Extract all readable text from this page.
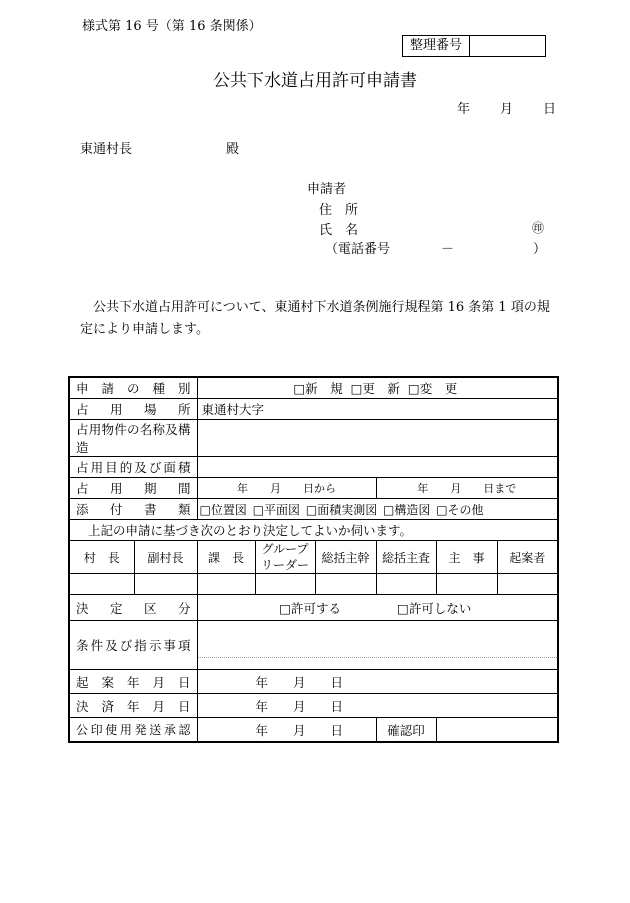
様式第 16 号（第 16 条関係）
整理番号
公共下水道占用許可申請書
年 月 日
東通村長	殿
申請者
住　所
氏　名	㊞
（電話番号	－	）
公共下水道占用許可について、東通村下水道条例施行規程第 16 条第 1 項の規定により申請します。
申請の種別		□新　規 □更　新 □変　更					
占用場所		東通村大字					
占用物件の名称及構造							
占用目的及び面積							
占用期間		年　　月　　日から			年　　月　　日まで		
添付書類		□位置図 □平面図 □面積実測図 □構造図 □その他					
上記の申請に基づき次のとおり決定してよいか伺います。							
村　長	副村長	課　長	グループ
リーダー	総括主幹	総括主査	主　事	起案者

決定区分		□許可する □許可しない					
条件及び指示事項							

起案年月日		年　　月　　日					
決済年月日		年　　月　　日					
公印使用発送承認		年　　月　　日			確認印		
